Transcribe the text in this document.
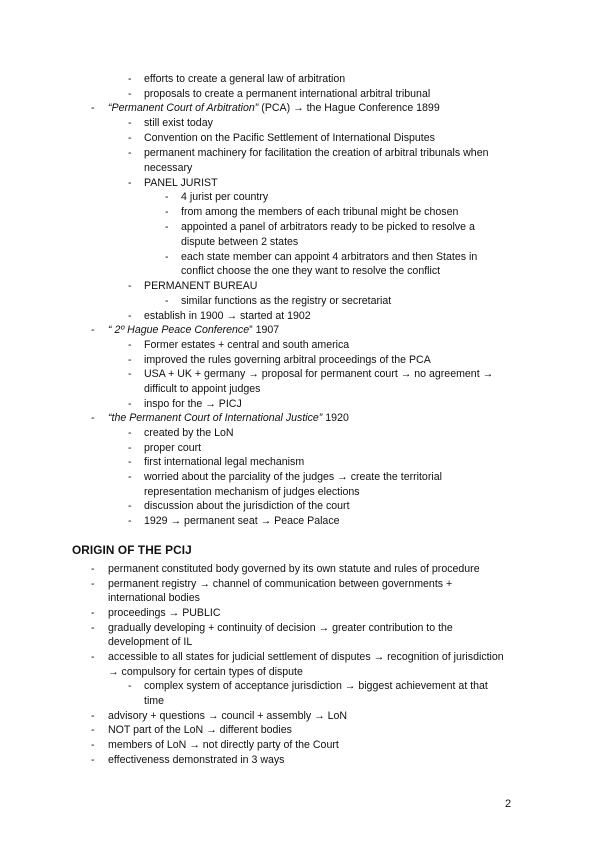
- efforts to create a general law of arbitration
- proposals to create a permanent international arbitral tribunal
- “Permanent Court of Arbitration” (PCA) → the Hague Conference 1899
- still exist today
- Convention on the Pacific Settlement of International Disputes
- permanent machinery for facilitation the creation of arbitral tribunals when
necessary
- PANEL JURIST
- 4 jurist per country
- from among the members of each tribunal might be chosen
- appointed a panel of arbitrators ready to be picked to resolve a
dispute between 2 states
- each state member can appoint 4 arbitrators and then States in
conflict choose the one they want to resolve the conflict
- PERMANENT BUREAU
- similar functions as the registry or secretariat
- establish in 1900 → started at 1902
- “ 2º Hague Peace Conference” 1907
- Former estates + central and south america
- improved the rules governing arbitral proceedings of the PCA
- USA + UK + germany → proposal for permanent court → no agreement →
difficult to appoint judges
- inspo for the → PICJ
- “the Permanent Court of International Justice” 1920
- created by the LoN
- proper court
- first international legal mechanism
- worried about the parciality of the judges → create the territorial
representation mechanism of judges elections
- discussion about the jurisdiction of the court
- 1929 → permanent seat → Peace Palace
ORIGIN OF THE PCIJ
- permanent constituted body governed by its own statute and rules of procedure
- permanent registry → channel of communication between governments +
international bodies
- proceedings → PUBLIC
- gradually developing + continuity of decision → greater contribution to the
development of IL
- accessible to all states for judicial settlement of disputes → recognition of jurisdiction
→ compulsory for certain types of dispute
- complex system of acceptance jurisdiction → biggest achievement at that
time
- advisory + questions → council + assembly → LoN
- NOT part of the LoN → different bodies
- members of LoN → not directly party of the Court
- effectiveness demonstrated in 3 ways
2
